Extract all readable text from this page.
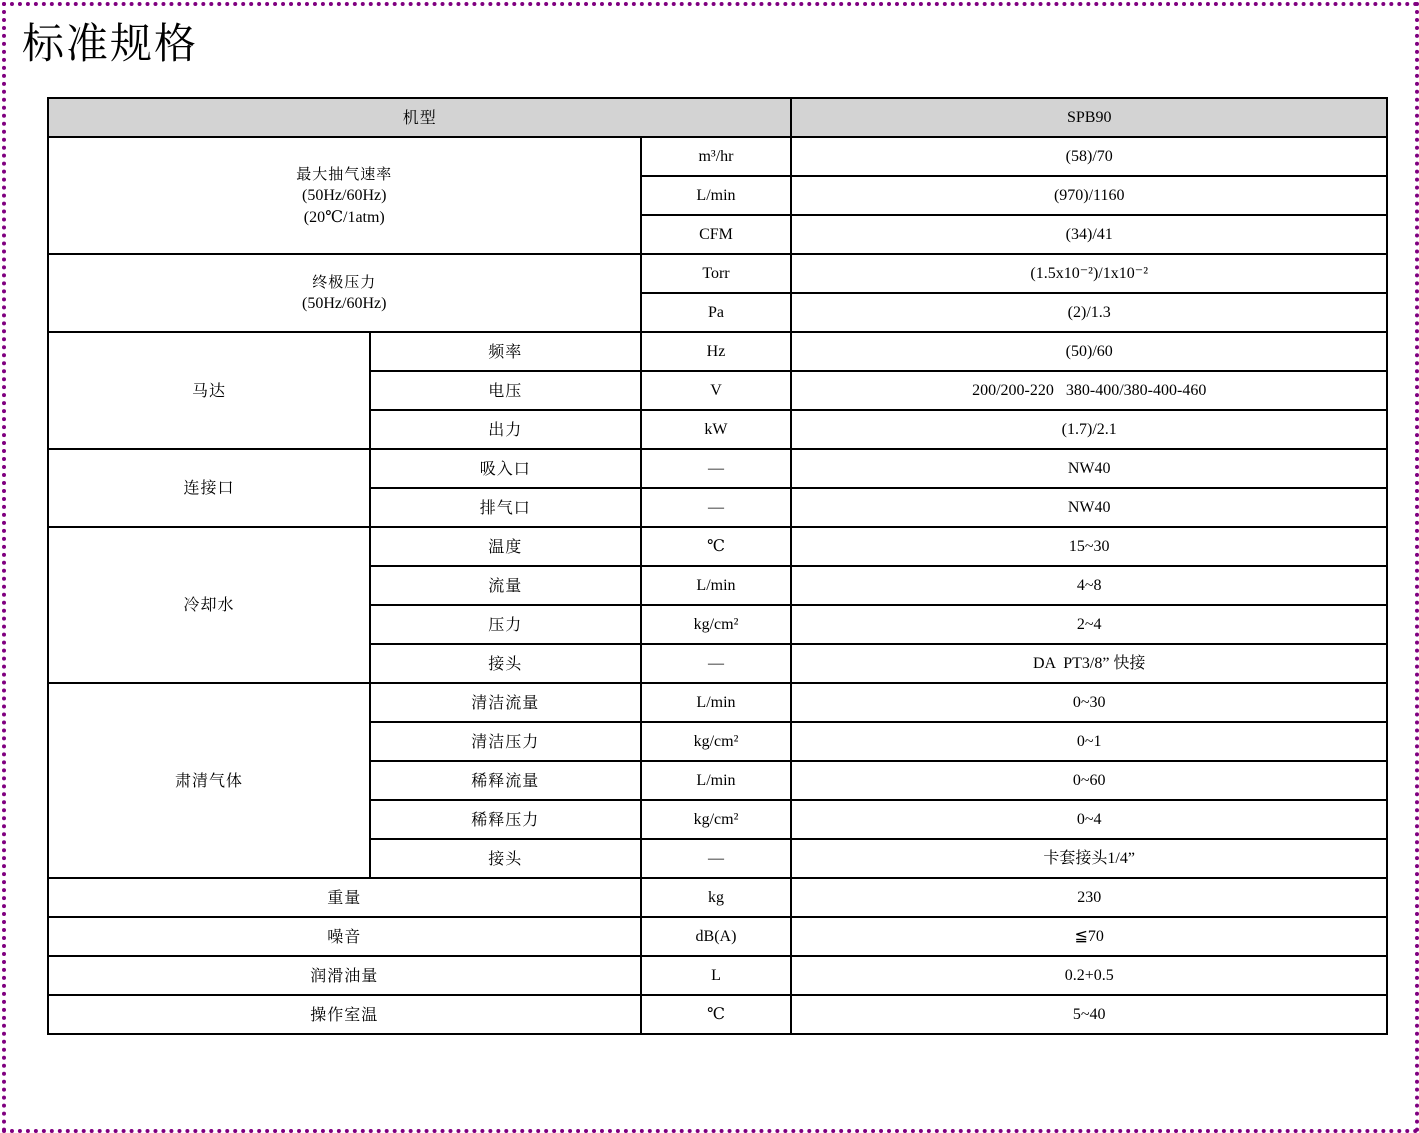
标准规格
机型			SPB90

最大抽气速率
(50Hz/60Hz)
(20℃/1atm)		m³/hr	(58)/70
		L/min	(970)/1160
		CFM	(34)/41

终极压力
(50Hz/60Hz)		Torr	(1.5x10⁻²)/1x10⁻²
		Pa	(2)/1.3
马达	频率	Hz	(50)/60
	电压	V	200/200-220   380-400/380-400-460
	出力	kW	(1.7)/2.1
连接口	吸入口	—	NW40
	排气口	—	NW40
冷却水	温度	℃	15~30
	流量	L/min	4~8
	压力	kg/cm²	2~4
	接头	—	DA  PT3/8” 快接
肃清气体	清洁流量	L/min	0~30
	清洁压力	kg/cm²	0~1
	稀释流量	L/min	0~60
	稀释压力	kg/cm²	0~4
	接头	—	卡套接头1/4”
重量		kg	230
噪音		dB(A)	≦70
润滑油量		L	0.2+0.5
操作室温		℃	5~40
